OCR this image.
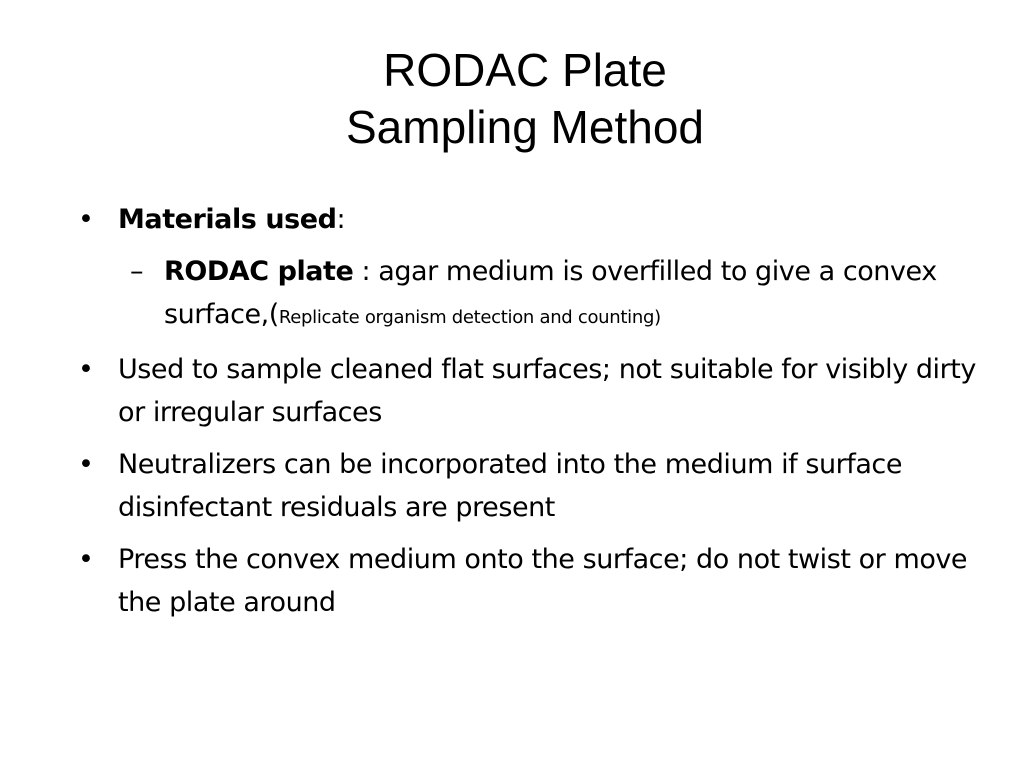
RODAC Plate
Sampling Method
• Materials used:
– RODAC plate : agar medium is overfilled to give a convex surface,(Replicate organism detection and counting)
• Used to sample cleaned flat surfaces; not suitable for visibly dirty or irregular surfaces
• Neutralizers can be incorporated into the medium if surface disinfectant residuals are present
• Press the convex medium onto the surface; do not twist or move the plate around
